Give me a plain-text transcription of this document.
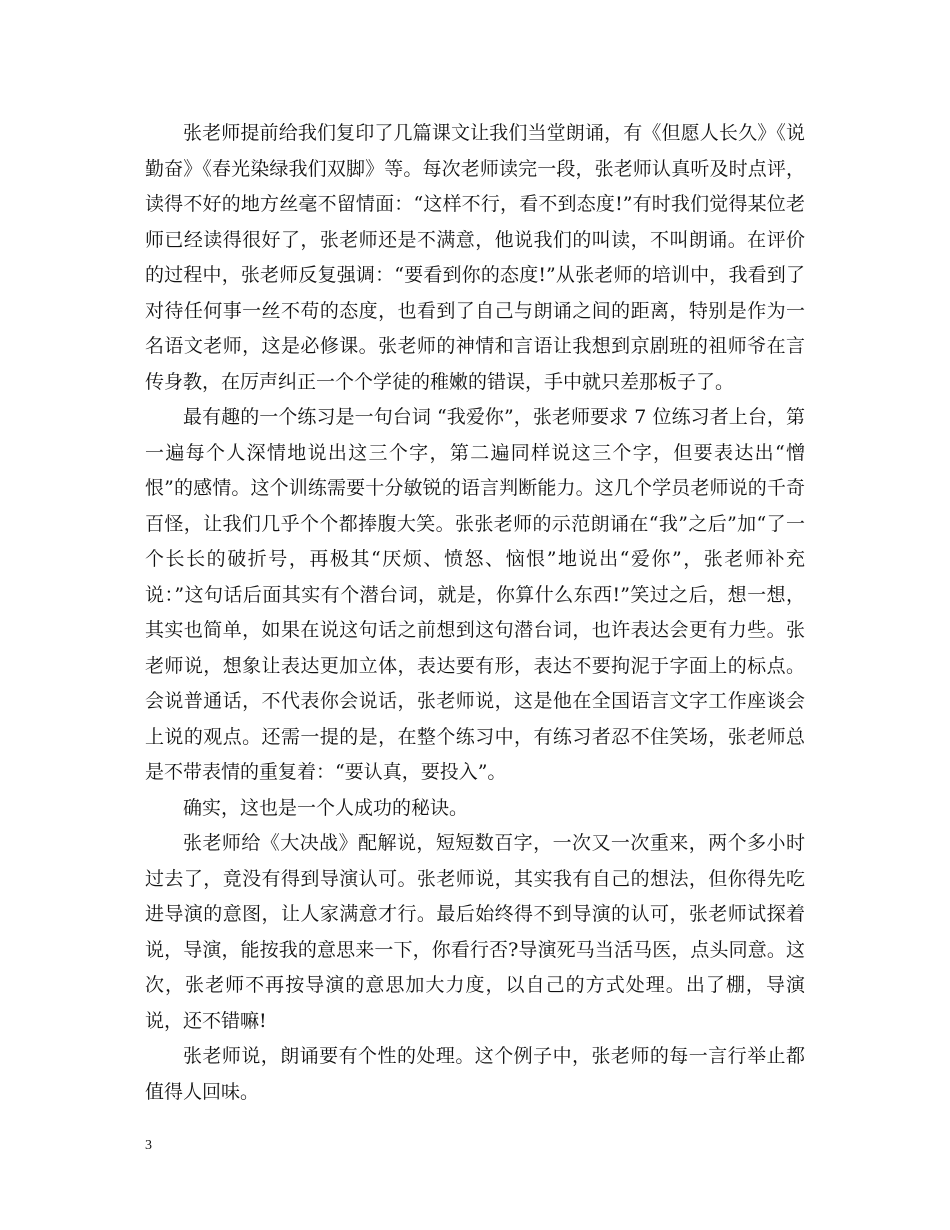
张老师提前给我们复印了几篇课文让我们当堂朗诵，有《但愿人长久》《说勤奋》《春光染绿我们双脚》等。每次老师读完一段，张老师认真听及时点评，读得不好的地方丝毫不留情面：“这样不行，看不到态度!”有时我们觉得某位老师已经读得很好了，张老师还是不满意，他说我们的叫读，不叫朗诵。在评价的过程中，张老师反复强调：“要看到你的态度!”从张老师的培训中，我看到了对待任何事一丝不苟的态度，也看到了自己与朗诵之间的距离，特别是作为一名语文老师，这是必修课。张老师的神情和言语让我想到京剧班的祖师爷在言传身教，在厉声纠正一个个学徒的稚嫩的错误，手中就只差那板子了。

最有趣的一个练习是一句台词 “我爱你”，张老师要求 7 位练习者上台，第一遍每个人深情地说出这三个字，第二遍同样说这三个字，但要表达出“憎恨”的感情。这个训练需要十分敏锐的语言判断能力。这几个学员老师说的千奇百怪，让我们几乎个个都捧腹大笑。张张老师的示范朗诵在“我”之后”加“了一个长长的破折号，再极其“厌烦、愤怒、恼恨”地说出“爱你”，张老师补充说：”这句话后面其实有个潜台词，就是，你算什么东西!”笑过之后，想一想，其实也简单，如果在说这句话之前想到这句潜台词，也许表达会更有力些。张老师说，想象让表达更加立体，表达要有形，表达不要拘泥于字面上的标点。会说普通话，不代表你会说话，张老师说，这是他在全国语言文字工作座谈会上说的观点。还需一提的是，在整个练习中，有练习者忍不住笑场，张老师总是不带表情的重复着：“要认真，要投入”。

确实，这也是一个人成功的秘诀。

张老师给《大决战》配解说，短短数百字，一次又一次重来，两个多小时过去了，竟没有得到导演认可。张老师说，其实我有自己的想法，但你得先吃进导演的意图，让人家满意才行。最后始终得不到导演的认可，张老师试探着说，导演，能按我的意思来一下，你看行否?导演死马当活马医，点头同意。这次，张老师不再按导演的意思加大力度，以自己的方式处理。出了棚，导演说，还不错嘛!

张老师说，朗诵要有个性的处理。这个例子中，张老师的每一言行举止都值得人回味。

3
